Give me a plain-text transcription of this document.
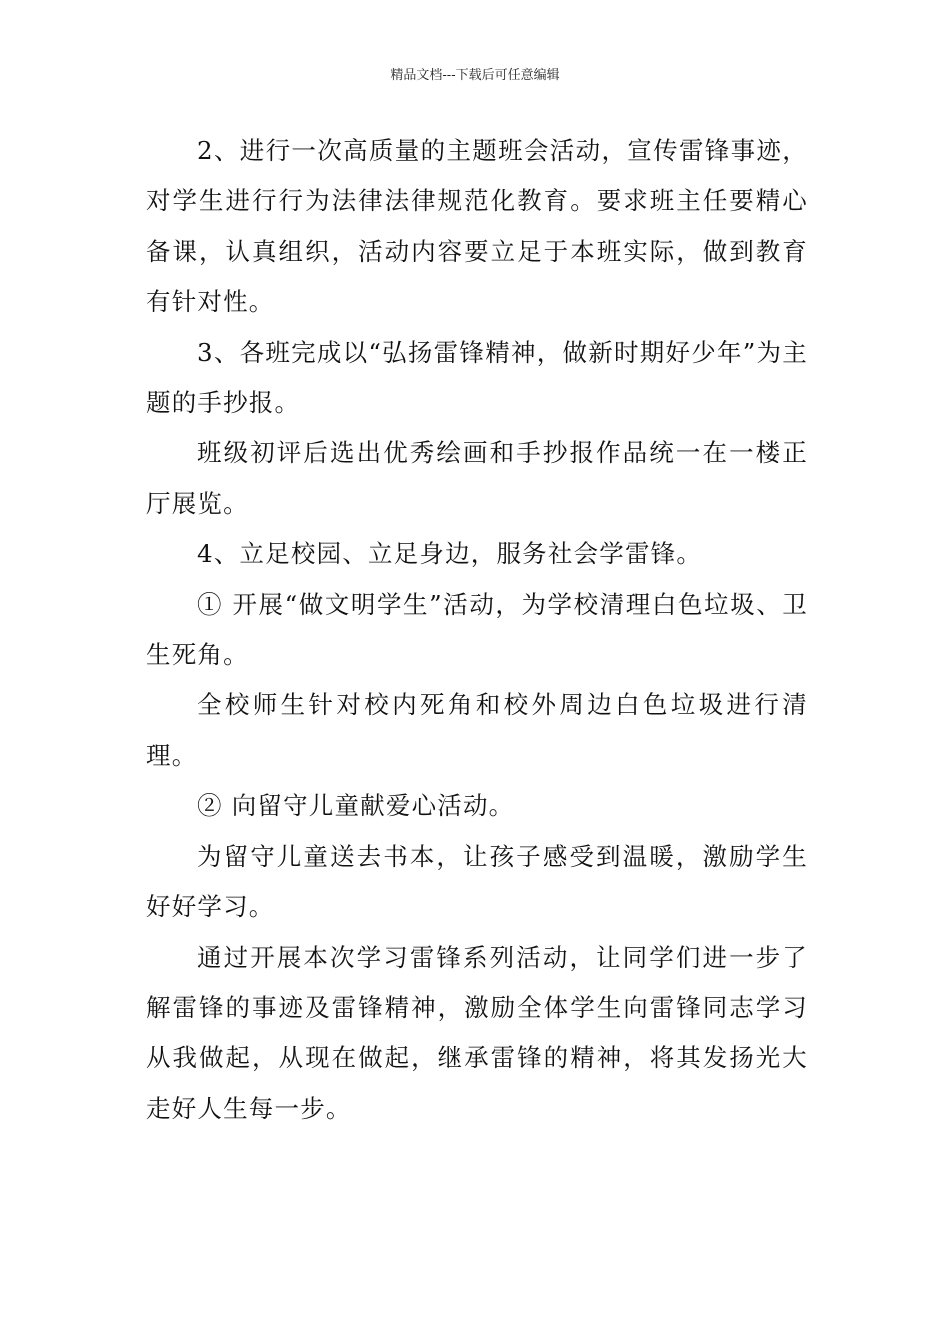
精品文档---下载后可任意编辑

2、进行一次高质量的主题班会活动，宣传雷锋事迹，对学生进行行为法律法律规范化教育。要求班主任要精心备课，认真组织，活动内容要立足于本班实际，做到教育有针对性。

3、各班完成以“弘扬雷锋精神，做新时期好少年”为主题的手抄报。

班级初评后选出优秀绘画和手抄报作品统一在一楼正厅展览。

4、立足校园、立足身边，服务社会学雷锋。

① 开展“做文明学生”活动，为学校清理白色垃圾、卫生死角。

全校师生针对校内死角和校外周边白色垃圾进行清理。

② 向留守儿童献爱心活动。

为留守儿童送去书本，让孩子感受到温暖，激励学生好好学习。

通过开展本次学习雷锋系列活动，让同学们进一步了解雷锋的事迹及雷锋精神，激励全体学生向雷锋同志学习从我做起，从现在做起，继承雷锋的精神，将其发扬光大走好人生每一步。
